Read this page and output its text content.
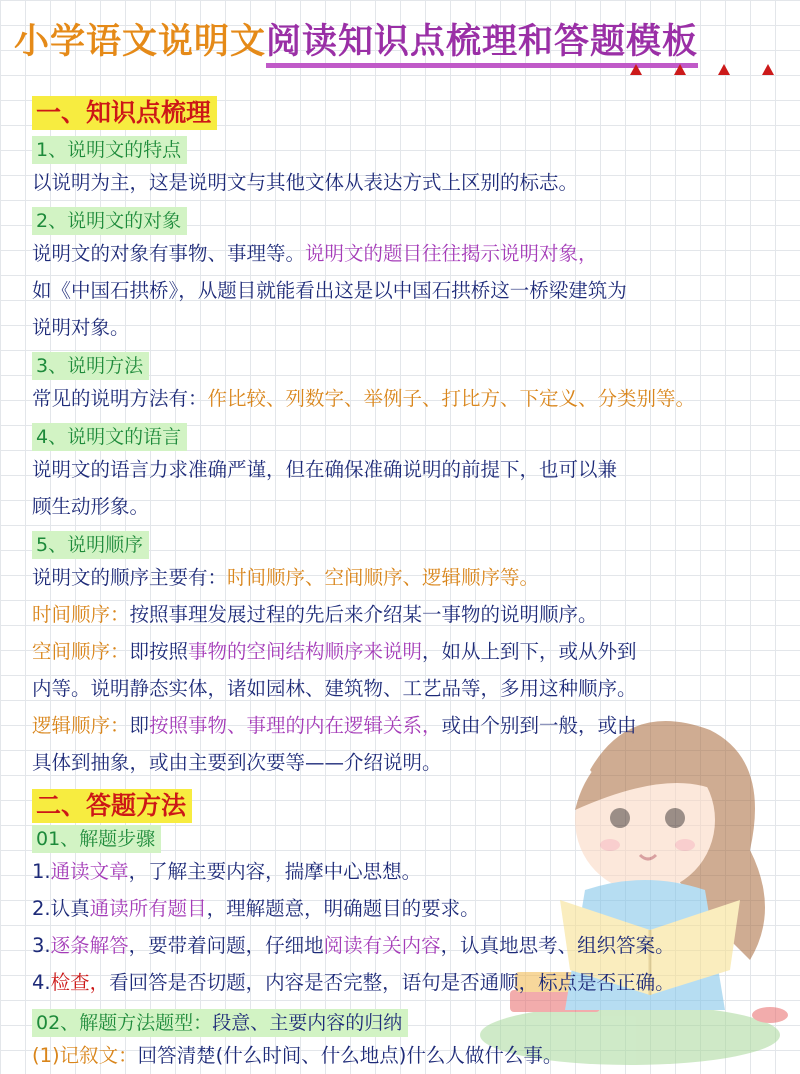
小学语文说明文阅读知识点梳理和答题模板
一、知识点梳理
1、说明文的特点

以说明为主，这是说明文与其他文体从表达方式上区别的标志。

2、说明文的对象

说明文的对象有事物、事理等。说明文的题目往往揭示说明对象，

如《中国石拱桥》，从题目就能看出这是以中国石拱桥这一桥梁建筑为

说明对象。

3、说明方法

常见的说明方法有：作比较、列数字、举例子、打比方、下定义、分类别等。

4、说明文的语言

说明文的语言力求准确严谨，但在确保准确说明的前提下，也可以兼

顾生动形象。

5、说明顺序

说明文的顺序主要有：时间顺序、空间顺序、逻辑顺序等。

时间顺序：按照事理发展过程的先后来介绍某一事物的说明顺序。

空间顺序：即按照事物的空间结构顺序来说明，如从上到下，或从外到

内等。说明静态实体，诸如园林、建筑物、工艺品等，多用这种顺序。

逻辑顺序：即按照事物、事理的内在逻辑关系，或由个别到一般，或由

具体到抽象，或由主要到次要等——介绍说明。

二、答题方法
01、解题步骤

1.通读文章，了解主要内容，揣摩中心思想。

2.认真通读所有题目，理解题意，明确题目的要求。

3.逐条解答，要带着问题，仔细地阅读有关内容，认真地思考、组织答案。

4.检查，看回答是否切题，内容是否完整，语句是否通顺，标点是否正确。

02、解题方法题型：段意、主要内容的归纳

(1)记叙文：回答清楚(什么时间、什么地点)什么人做什么事。
